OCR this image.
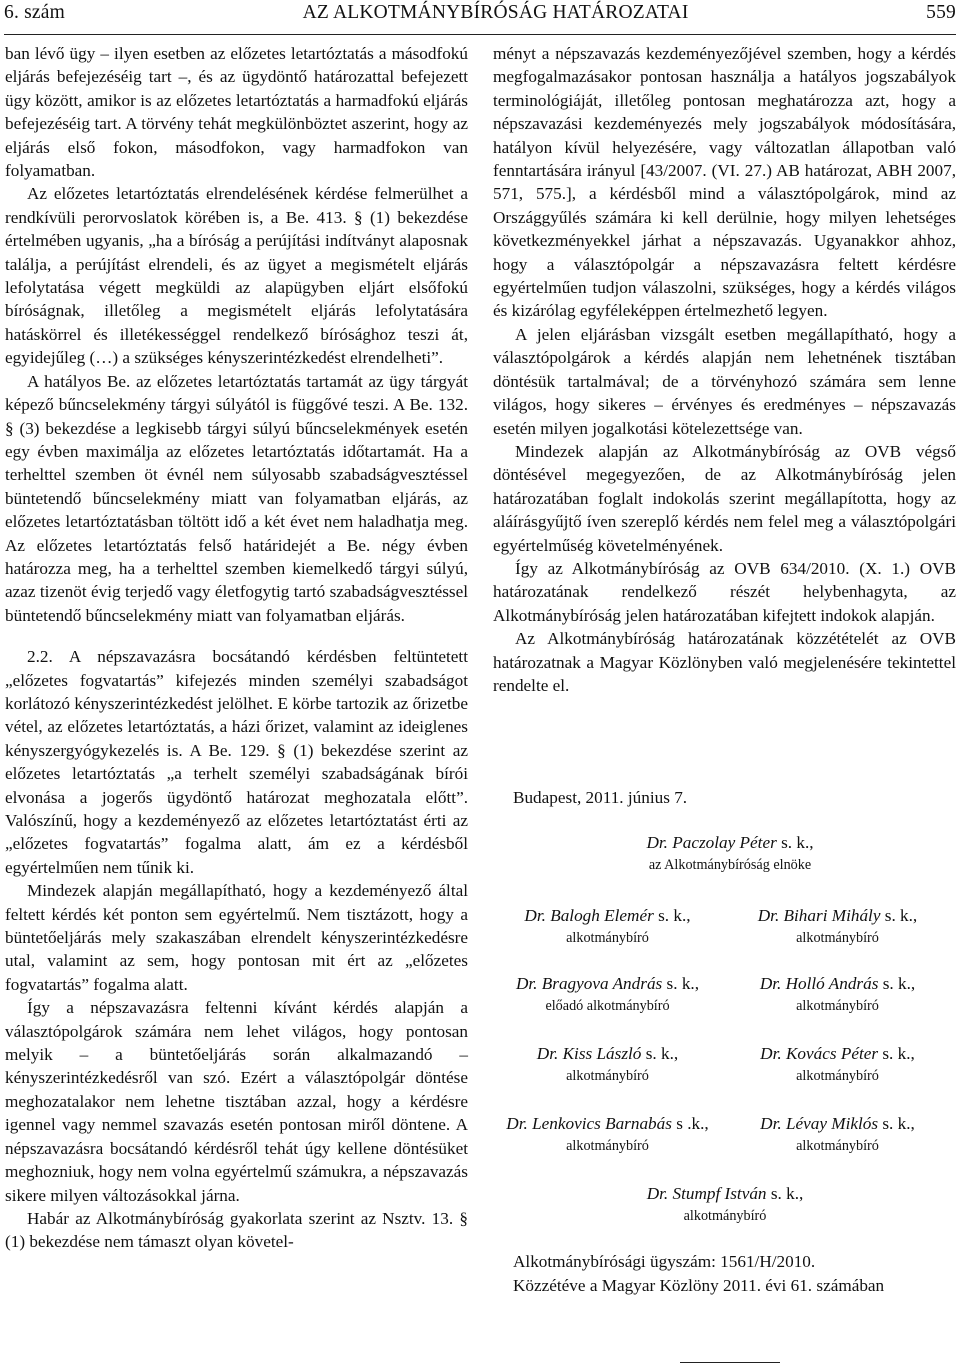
6. szám	AZ ALKOTMÁNYBÍRÓSÁG HATÁROZATAI	559

ban lévő ügy – ilyen esetben az előzetes letartóztatás a másodfokú eljárás befejezéséig tart –, és az ügydöntő határozattal befejezett ügy között, amikor is az előzetes letartóztatás a harmadfokú eljárás befejezéséig tart. A törvény tehát megkülönböztet aszerint, hogy az eljárás első fokon, másodfokon, vagy harmadfokon van folyamatban.

Az előzetes letartóztatás elrendelésének kérdése felmerülhet a rendkívüli perorvoslatok körében is, a Be. 413. § (1) bekezdése értelmében ugyanis, „ha a bíróság a perújítási indítványt alaposnak találja, a perújítást elrendeli, és az ügyet a megismételt eljárás lefolytatása végett megküldi az alapügyben eljárt elsőfokú bíróságnak, illetőleg a megismételt eljárás lefolytatására hatáskörrel és illetékességgel rendelkező bírósághoz teszi át, egyidejűleg (…) a szükséges kényszerintézkedést elrendelheti”.

A hatályos Be. az előzetes letartóztatás tartamát az ügy tárgyát képező bűncselekmény tárgyi súlyától is függővé teszi. A Be. 132. § (3) bekezdése a legkisebb tárgyi súlyú bűncselekmények esetén egy évben maximálja az előzetes letartóztatás időtartamát. Ha a terhelttel szemben öt évnél nem súlyosabb szabadságvesztéssel büntetendő bűncselekmény miatt van folyamatban eljárás, az előzetes letartóztatásban töltött idő a két évet nem haladhatja meg. Az előzetes letartóztatás felső határidejét a Be. négy évben határozza meg, ha a terhelttel szemben kiemelkedő tárgyi súlyú, azaz tizenöt évig terjedő vagy életfogytig tartó szabadságvesztéssel büntetendő bűncselekmény miatt van folyamatban eljárás.

2.2. A népszavazásra bocsátandó kérdésben feltüntetett „előzetes fogvatartás” kifejezés minden személyi szabadságot korlátozó kényszerintézkedést jelölhet. E körbe tartozik az őrizetbe vétel, az előzetes letartóztatás, a házi őrizet, valamint az ideiglenes kényszergyógykezelés is. A Be. 129. § (1) bekezdése szerint az előzetes letartóztatás „a terhelt személyi szabadságának bírói elvonása a jogerős ügydöntő határozat meghozatala előtt”. Valószínű, hogy a kezdeményező az előzetes letartóztatást érti az „előzetes fogvatartás” fogalma alatt, ám ez a kérdésből egyértelműen nem tűnik ki.

Mindezek alapján megállapítható, hogy a kezdeményező által feltett kérdés két ponton sem egyértelmű. Nem tisztázott, hogy a büntetőeljárás mely szakaszában elrendelt kényszerintézkedésre utal, valamint az sem, hogy pontosan mit ért az „előzetes fogvatartás” fogalma alatt.

Így a népszavazásra feltenni kívánt kérdés alapján a választópolgárok számára nem lehet világos, hogy pontosan melyik – a büntetőeljárás során alkalmazandó – kényszerintézkedésről van szó. Ezért a választópolgár döntése meghozatalakor nem lehetne tisztában azzal, hogy a kérdésre igennel vagy nemmel szavazás esetén pontosan miről döntene. A népszavazásra bocsátandó kérdésről tehát úgy kellene döntésüket meghozniuk, hogy nem volna egyértelmű számukra, a népszavazás sikere milyen változásokkal járna.

Habár az Alkotmánybíróság gyakorlata szerint az Nsztv. 13. § (1) bekezdése nem támaszt olyan követel-

ményt a népszavazás kezdeményezőjével szemben, hogy a kérdés megfogalmazásakor pontosan használja a hatályos jogszabályok terminológiáját, illetőleg pontosan meghatározza azt, hogy a népszavazási kezdeményezés mely jogszabályok módosítására, hatályon kívül helyezésére, vagy változatlan állapotban való fenntartására irányul [43/2007. (VI. 27.) AB határozat, ABH 2007, 571, 575.], a kérdésből mind a választópolgárok, mind az Országgyűlés számára ki kell derülnie, hogy milyen lehetséges következményekkel járhat a népszavazás. Ugyanakkor ahhoz, hogy a választópolgár a népszavazásra feltett kérdésre egyértelműen tudjon válaszolni, szükséges, hogy a kérdés világos és kizárólag egyféleképpen értelmezhető legyen.

A jelen eljárásban vizsgált esetben megállapítható, hogy a választópolgárok a kérdés alapján nem lehetnének tisztában döntésük tartalmával; de a törvényhozó számára sem lenne világos, hogy sikeres – érvényes és eredményes – népszavazás esetén milyen jogalkotási kötelezettsége van.

Mindezek alapján az Alkotmánybíróság az OVB végső döntésével megegyezően, de az Alkotmánybíróság jelen határozatában foglalt indokolás szerint megállapította, hogy az aláírásgyűjtő íven szereplő kérdés nem felel meg a választópolgári egyértelműség követelményének.

Így az Alkotmánybíróság az OVB 634/2010. (X. 1.) OVB határozatának rendelkező részét helybenhagyta, az Alkotmánybíróság jelen határozatában kifejtett indokok alapján.

Az Alkotmánybíróság határozatának közzétételét az OVB határozatnak a Magyar Közlönyben való megjelenésére tekintettel rendelte el.

Budapest, 2011. június 7.
Dr. Paczolay Péter s. k.,
az Alkotmánybíróság elnöke
Dr. Balogh Elemér s. k.,
alkotmánybíró
Dr. Bihari Mihály s. k.,
alkotmánybíró
Dr. Bragyova András s. k.,
előadó alkotmánybíró
Dr. Holló András s. k.,
alkotmánybíró
Dr. Kiss László s. k.,
alkotmánybíró
Dr. Kovács Péter s. k.,
alkotmánybíró
Dr. Lenkovics Barnabás s .k.,
alkotmánybíró
Dr. Lévay Miklós s. k.,
alkotmánybíró
Dr. Stumpf István s. k.,
alkotmánybíró
Alkotmánybírósági ügyszám: 1561/H/2010.
Közzétéve a Magyar Közlöny 2011. évi 61. számában
